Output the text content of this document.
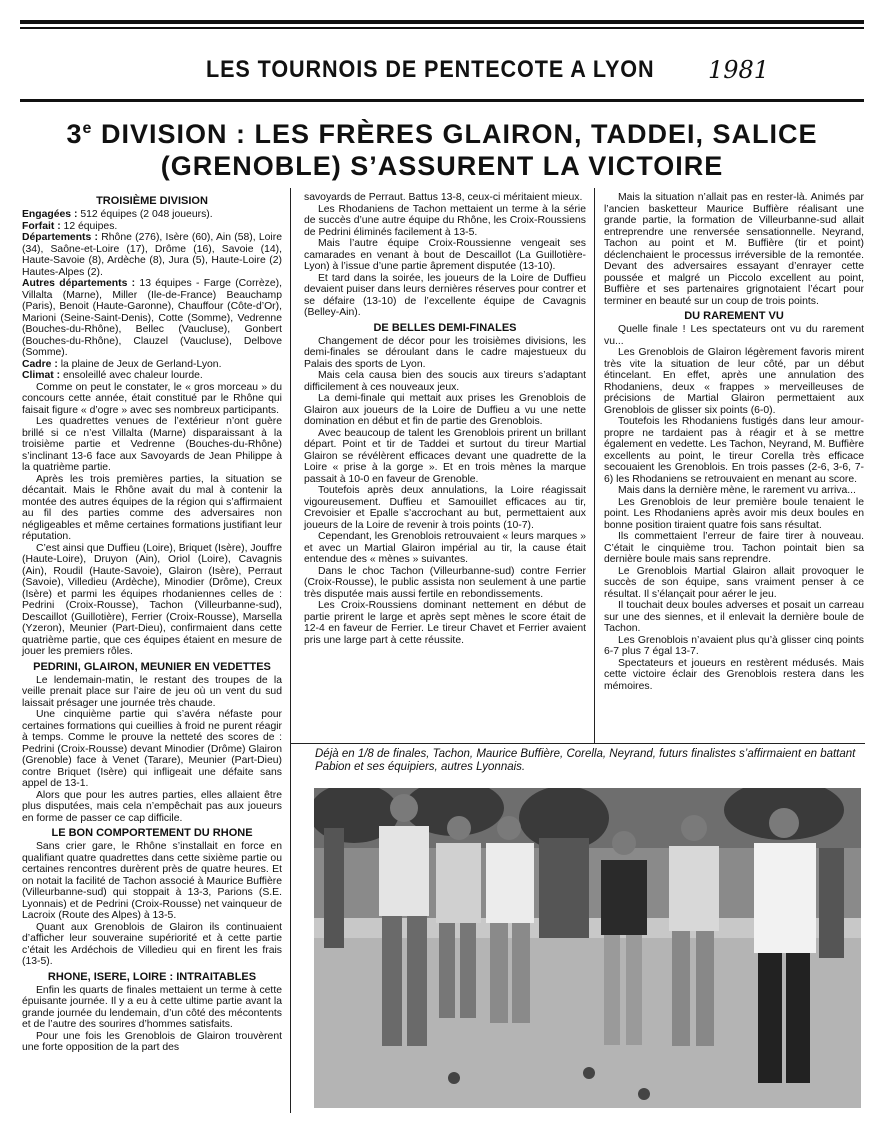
LES TOURNOIS DE PENTECOTE A LYON 1981
3e DIVISION : LES FRÈRES GLAIRON, TADDEI, SALICE
(GRENOBLE) S’ASSURENT LA VICTOIRE
TROISIÈME DIVISION

Engagées : 512 équipes (2 048 joueurs).

Forfait : 12 équipes.

Départements : Rhône (276), Isère (60), Ain (58), Loire (34), Saône-et-Loire (17), Drôme (16), Savoie (14), Haute-Savoie (8), Ardèche (8), Jura (5), Haute-Loire (2) Hautes-Alpes (2).

Autres départements : 13 équipes - Farge (Corrèze), Villalta (Marne), Miller (Ile-de-France) Beauchamp (Paris), Benoit (Haute-Garonne), Chauffour (Côte-d’Or), Marioni (Seine-Saint-Denis), Cotte (Somme), Vedrenne (Bouches-du-Rhône), Bellec (Vaucluse), Gonbert (Bouches-du-Rhône), Clauzel (Vaucluse), Delbove (Somme).

Cadre : la plaine de Jeux de Gerland-Lyon.

Climat : ensoleillé avec chaleur lourde.

Comme on peut le constater, le « gros morceau » du concours cette année, était constitué par le Rhône qui faisait figure « d’ogre » avec ses nombreux participants.

Les quadrettes venues de l’extérieur n’ont guère brillé si ce n’est Villalta (Marne) disparaissant à la troisième partie et Vedrenne (Bouches-du-Rhône) s’inclinant 13-6 face aux Savoyards de Jean Philippe à la quatrième partie.

Après les trois premières parties, la situation se décantait. Mais le Rhône avait du mal à contenir la montée des autres équipes de la région qui s’affirmaient au fil des parties comme des adversaires non négligeables et même certaines formations justifiant leur réputation.

C’est ainsi que Duffieu (Loire), Briquet (Isère), Jouffre (Haute-Loire), Druyon (Ain), Oriol (Loire), Cavagnis (Ain), Roudil (Haute-Savoie), Glairon (Isère), Perraut (Savoie), Villedieu (Ardèche), Minodier (Drôme), Creux (Isère) et parmi les équipes rhodaniennes celles de : Pedrini (Croix-Rousse), Tachon (Villeurbanne-sud), Descaillot (Guillotière), Ferrier (Croix-Rousse), Marsella (Yzeron), Meunier (Part-Dieu), confirmaient dans cette quatrième partie, que ces équipes étaient en mesure de jouer les premiers rôles.

PEDRINI, GLAIRON, MEUNIER EN VEDETTES

Le lendemain-matin, le restant des troupes de la veille prenait place sur l’aire de jeu où un vent du sud laissait présager une journée très chaude.

Une cinquième partie qui s’avéra néfaste pour certaines formations qui cueillies à froid ne purent réagir à temps. Comme le prouve la netteté des scores de : Pedrini (Croix-Rousse) devant Minodier (Drôme) Glairon (Grenoble) face à Venet (Tarare), Meunier (Part-Dieu) contre Briquet (Isère) qui infligeait une défaite sans appel de 13-1.

Alors que pour les autres parties, elles allaient être plus disputées, mais cela n’empêchait pas aux joueurs en forme de passer ce cap difficile.

LE BON COMPORTEMENT DU RHONE

Sans crier gare, le Rhône s’installait en force en qualifiant quatre quadrettes dans cette sixième partie ou certaines rencontres durèrent près de quatre heures. Et on notait la facilité de Tachon associé à Maurice Buffière (Villeurbanne-sud) qui stoppait à 13-3, Parions (S.E. Lyonnais) et de Pedrini (Croix-Rousse) net vainqueur de Lacroix (Route des Alpes) à 13-5.

Quant aux Grenoblois de Glairon ils continuaient d’afficher leur souveraine supériorité et à cette partie c’était les Ardéchois de Villedieu qui en firent les frais (13-5).

RHONE, ISERE, LOIRE : INTRAITABLES

Enfin les quarts de finales mettaient un terme à cette épuisante journée. Il y a eu à cette ultime partie avant la grande journée du lendemain, d’un côté des mécontents et de l’autre des sourires d’hommes satisfaits.

Pour une fois les Grenoblois de Glairon trouvèrent une forte opposition de la part des

savoyards de Perraut. Battus 13-8, ceux-ci méritaient mieux.

Les Rhodaniens de Tachon mettaient un terme à la série de succès d’une autre équipe du Rhône, les Croix-Roussiens de Pedrini éliminés facilement à 13-5.

Mais l’autre équipe Croix-Roussienne vengeait ses camarades en venant à bout de Descaillot (La Guillotière-Lyon) à l’issue d’une partie âprement disputée (13-10).

Et tard dans la soirée, les joueurs de la Loire de Duffieu devaient puiser dans leurs dernières réserves pour contrer et se défaire (13-10) de l’excellente équipe de Cavagnis (Belley-Ain).

DE BELLES DEMI-FINALES

Changement de décor pour les troisièmes divisions, les demi-finales se déroulant dans le cadre majestueux du Palais des sports de Lyon.

Mais cela causa bien des soucis aux tireurs s’adaptant difficilement à ces nouveaux jeux.

La demi-finale qui mettait aux prises les Grenoblois de Glairon aux joueurs de la Loire de Duffieu a vu une nette domination en début et fin de partie des Grenoblois.

Avec beaucoup de talent les Grenoblois prirent un brillant départ. Point et tir de Taddei et surtout du tireur Martial Glairon se révélèrent efficaces devant une quadrette de la Loire « prise à la gorge ». Et en trois mènes la marque passait à 10-0 en faveur de Grenoble.

Toutefois après deux annulations, la Loire réagissait vigoureusement. Duffieu et Samouillet efficaces au tir, Crevoisier et Epalle s’accrochant au but, permettaient aux joueurs de la Loire de revenir à trois points (10-7).

Cependant, les Grenoblois retrouvaient « leurs marques » et avec un Martial Glairon impérial au tir, la cause était entendue des « mènes » suivantes.

Dans le choc Tachon (Villeurbanne-sud) contre Ferrier (Croix-Rousse), le public assista non seulement à une partie très disputée mais aussi fertile en rebondissements.

Les Croix-Roussiens dominant nettement en début de partie prirent le large et après sept mènes le score était de 12-4 en faveur de Ferrier. Le tireur Chavet et Ferrier avaient pris une large part à cette réussite.

Mais la situation n’allait pas en rester-là. Animés par l’ancien basketteur Maurice Buffière réalisant une grande partie, la formation de Villeurbanne-sud allait entreprendre une renversée sensationnelle. Neyrand, Tachon au point et M. Buffière (tir et point) déclenchaient le processus irréversible de la remontée. Devant des adversaires essayant d’enrayer cette poussée et malgré un Piccolo excellent au point, Buffière et ses partenaires grignotaient l’écart pour terminer en beauté sur un coup de trois points.

DU RAREMENT VU

Quelle finale ! Les spectateurs ont vu du rarement vu...

Les Grenoblois de Glairon légèrement favoris mirent très vite la situation de leur côté, par un début étincelant. En effet, après une annulation des Rhodaniens, deux « frappes » merveilleuses de précisions de Martial Glairon permettaient aux Grenoblois de glisser six points (6-0).

Toutefois les Rhodaniens fustigés dans leur amour-propre ne tardaient pas à réagir et à se mettre également en vedette. Les Tachon, Neyrand, M. Buffière excellents au point, le tireur Corella très efficace secouaient les Grenoblois. En trois passes (2-6, 3-6, 7-6) les Rhodaniens se retrouvaient en menant au score.

Mais dans la dernière mène, le rarement vu arriva...

Les Grenoblois de leur première boule tenaient le point. Les Rhodaniens après avoir mis deux boules en bonne position tiraient quatre fois sans résultat.

Ils commettaient l’erreur de faire tirer à nouveau. C’était le cinquième trou. Tachon pointait bien sa dernière boule mais sans reprendre.

Le Grenoblois Martial Glairon allait provoquer le succès de son équipe, sans vraiment penser à ce résultat. Il s’élançait pour aérer le jeu.

Il touchait deux boules adverses et posait un carreau sur une des siennes, et il enlevait la dernière boule de Tachon.

Les Grenoblois n’avaient plus qu’à glisser cinq points 6-7 plus 7 égal 13-7.

Spectateurs et joueurs en restèrent médusés. Mais cette victoire éclair des Grenoblois restera dans les mémoires.

Déjà en 1/8 de finales, Tachon, Maurice Buffière, Corella, Neyrand, futurs finalistes s’affirmaient en battant Pabion et ses équipiers, autres Lyonnais.
